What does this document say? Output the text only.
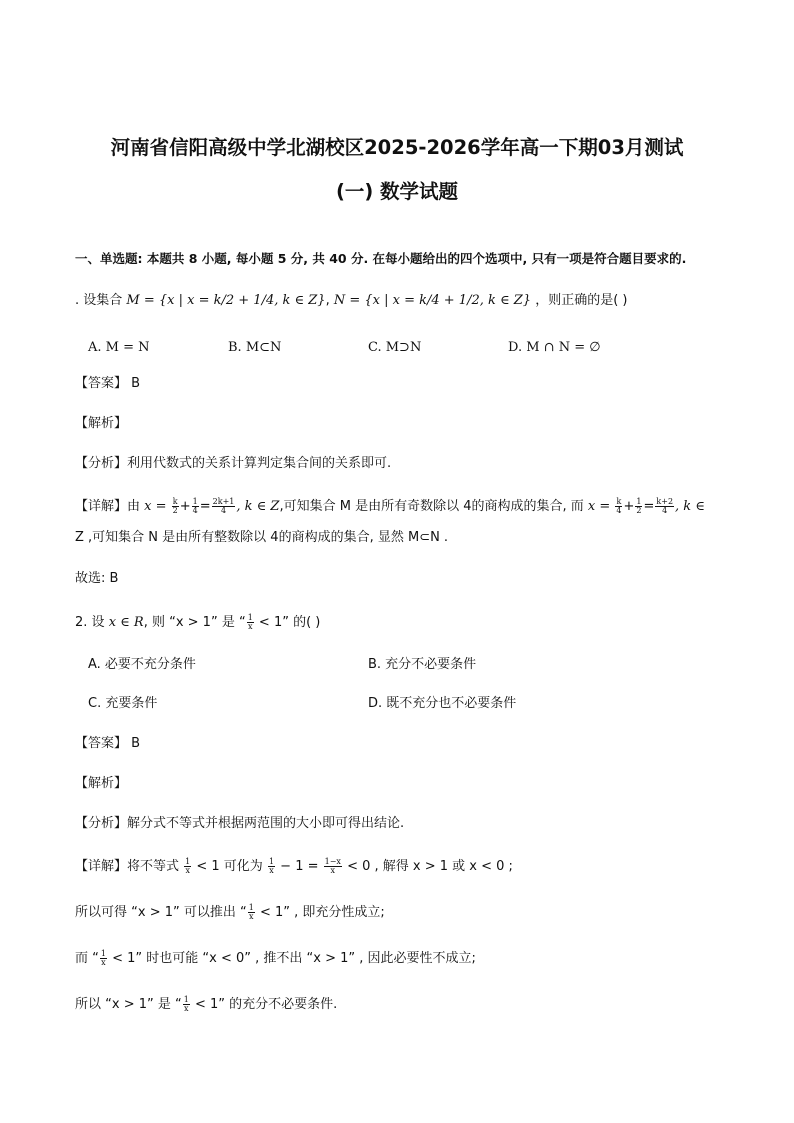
河南省信阳高级中学北湖校区2025-2026学年高一下期03月测试
(一) 数学试题
一、单选题: 本题共 8 小题, 每小题 5 分, 共 40 分. 在每小题给出的四个选项中, 只有一项是符合题目要求的.
. 设集合 M = {x | x = k/2 + 1/4, k ∈ Z}, N = {x | x = k/4 + 1/2, k ∈ Z} ，则正确的是( )
A. M = N	B. M⊂N	C. M⊃N	D. M ∩ N = ∅
【答案】 B
【解析】
【分析】利用代数式的关系计算判定集合间的关系即可.
【详解】由 $x = \frac{k}{2} + \frac{1}{4} = \frac{2k+1}{4}$ , k ∈ Z,可知集合 M 是由所有奇数除以 4的商构成的集合, 而 $x = \frac{k}{4} + \frac{1}{2} = \frac{k+2}{4}$ , k ∈
Z ,可知集合 N 是由所有整数除以 4的商构成的集合, 显然 M⊂N .
故选: B
2. 设 x ∈ R, 则 “x > 1” 是 “ $\frac{1}{x} < 1$” 的( )
A. 必要不充分条件	B. 充分不必要条件
C. 充要条件	D. 既不充分也不必要条件
【答案】 B
【解析】
【分析】解分式不等式并根据两范围的大小即可得出结论.
【详解】将不等式 $\frac{1}{x} < 1$ 可化为 $\frac{1}{x} - 1 = \frac{1-x}{x} < 0$ , 解得 x > 1 或 x < 0 ;
所以可得 “x > 1” 可以推出 “ $\frac{1}{x} < 1$” , 即充分性成立;
而 “ $\frac{1}{x} < 1$” 时也可能 “x < 0” , 推不出 “x > 1” , 因此必要性不成立;
所以 “x > 1” 是 “ $\frac{1}{x} < 1$” 的充分不必要条件.
